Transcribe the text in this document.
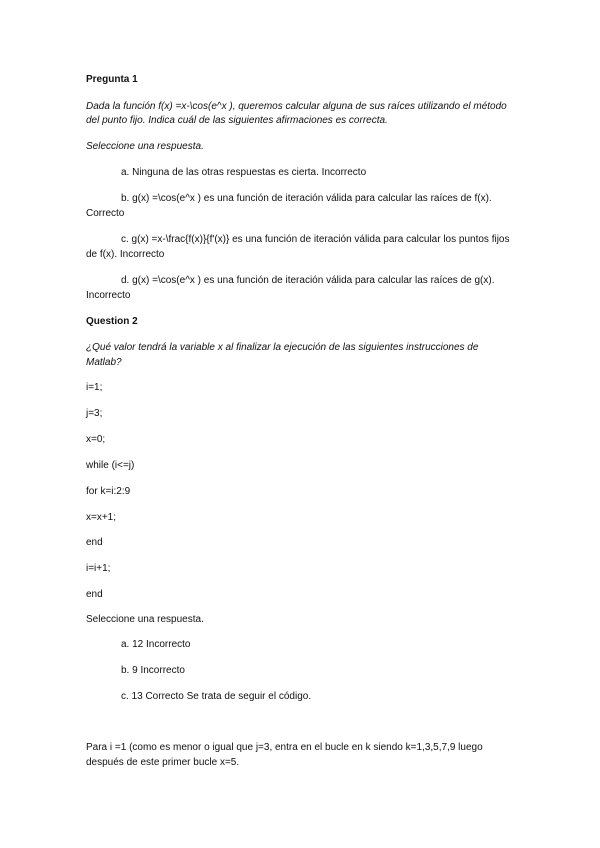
Pregunta 1
Dada la función f(x) =x-\cos(e^x ), queremos calcular alguna de sus raíces utilizando el método
del punto fijo. Indica cuál de las siguientes afirmaciones es correcta.
Seleccione una respuesta.
a. Ninguna de las otras respuestas es cierta. Incorrecto
b. g(x) =\cos(e^x ) es una función de iteración válida para calcular las raíces de f(x).
Correcto
c. g(x) =x-\frac{f(x)}{f'(x)} es una función de iteración válida para calcular los puntos fijos
de f(x). Incorrecto
d. g(x) =\cos(e^x ) es una función de iteración válida para calcular las raíces de g(x).
Incorrecto
Question 2
¿Qué valor tendrá la variable x al finalizar la ejecución de las siguientes instrucciones de
Matlab?
i=1;
j=3;
x=0;
while (i<=j)
for k=i:2:9
x=x+1;
end
i=i+1;
end
Seleccione una respuesta.
a. 12 Incorrecto
b. 9 Incorrecto
c. 13 Correcto Se trata de seguir el código.
Para i =1 (como es menor o igual que j=3, entra en el bucle en k siendo k=1,3,5,7,9 luego
después de este primer bucle x=5.
